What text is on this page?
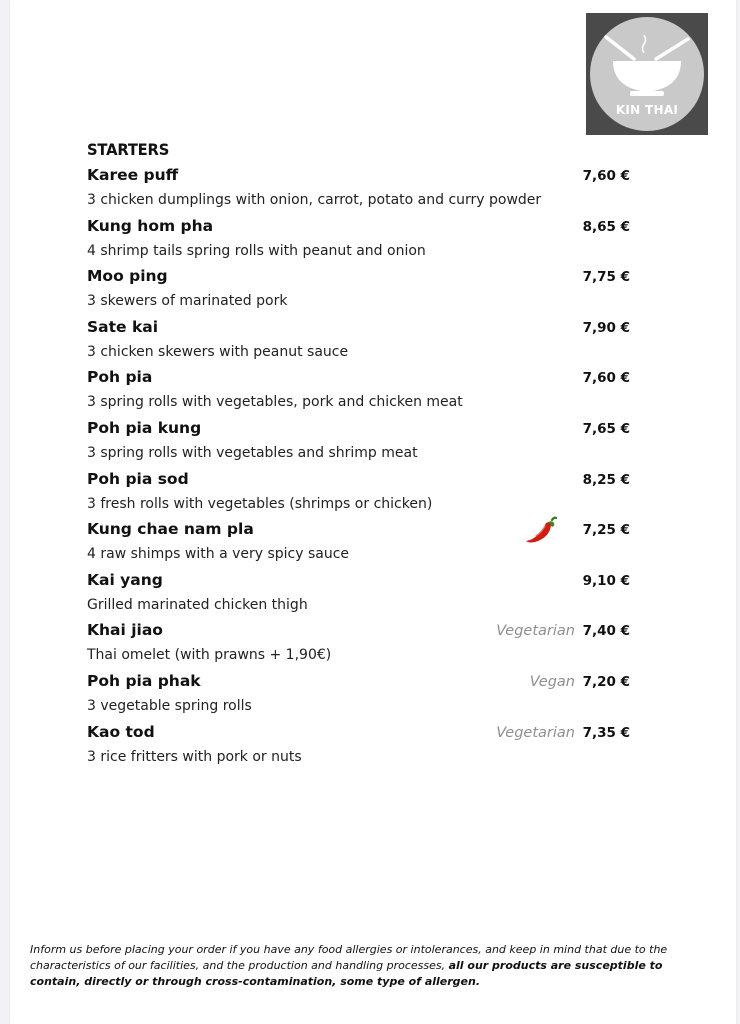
KIN THAI
STARTERS
Karee puff
3 chicken dumplings with onion, carrot, potato and curry powder
7,60 €
Kung hom pha
4 shrimp tails spring rolls with peanut and onion
8,65 €
Moo ping
3 skewers of marinated pork
7,75 €
Sate kai
3 chicken skewers with peanut sauce
7,90 €
Poh pia
3 spring rolls with vegetables, pork and chicken meat
7,60 €
Poh pia kung
3 spring rolls with vegetables and shrimp meat
7,65 €
Poh pia sod
3 fresh rolls with vegetables (shrimps or chicken)
8,25 €
Kung chae nam pla
4 raw shimps with a very spicy sauce
7,25 €
Kai yang
Grilled marinated chicken thigh
9,10 €
Khai jiao
Thai omelet (with prawns + 1,90€)
7,40 €
Vegetarian
Poh pia phak
3 vegetable spring rolls
7,20 €
Vegan
Kao tod
3 rice fritters with pork or nuts
7,35 €
Vegetarian
Inform us before placing your order if you have any food allergies or intolerances, and keep in mind that due to the characteristics of our facilities, and the production and handling processes, all our products are susceptible to contain, directly or through cross-contamination, some type of allergen.
